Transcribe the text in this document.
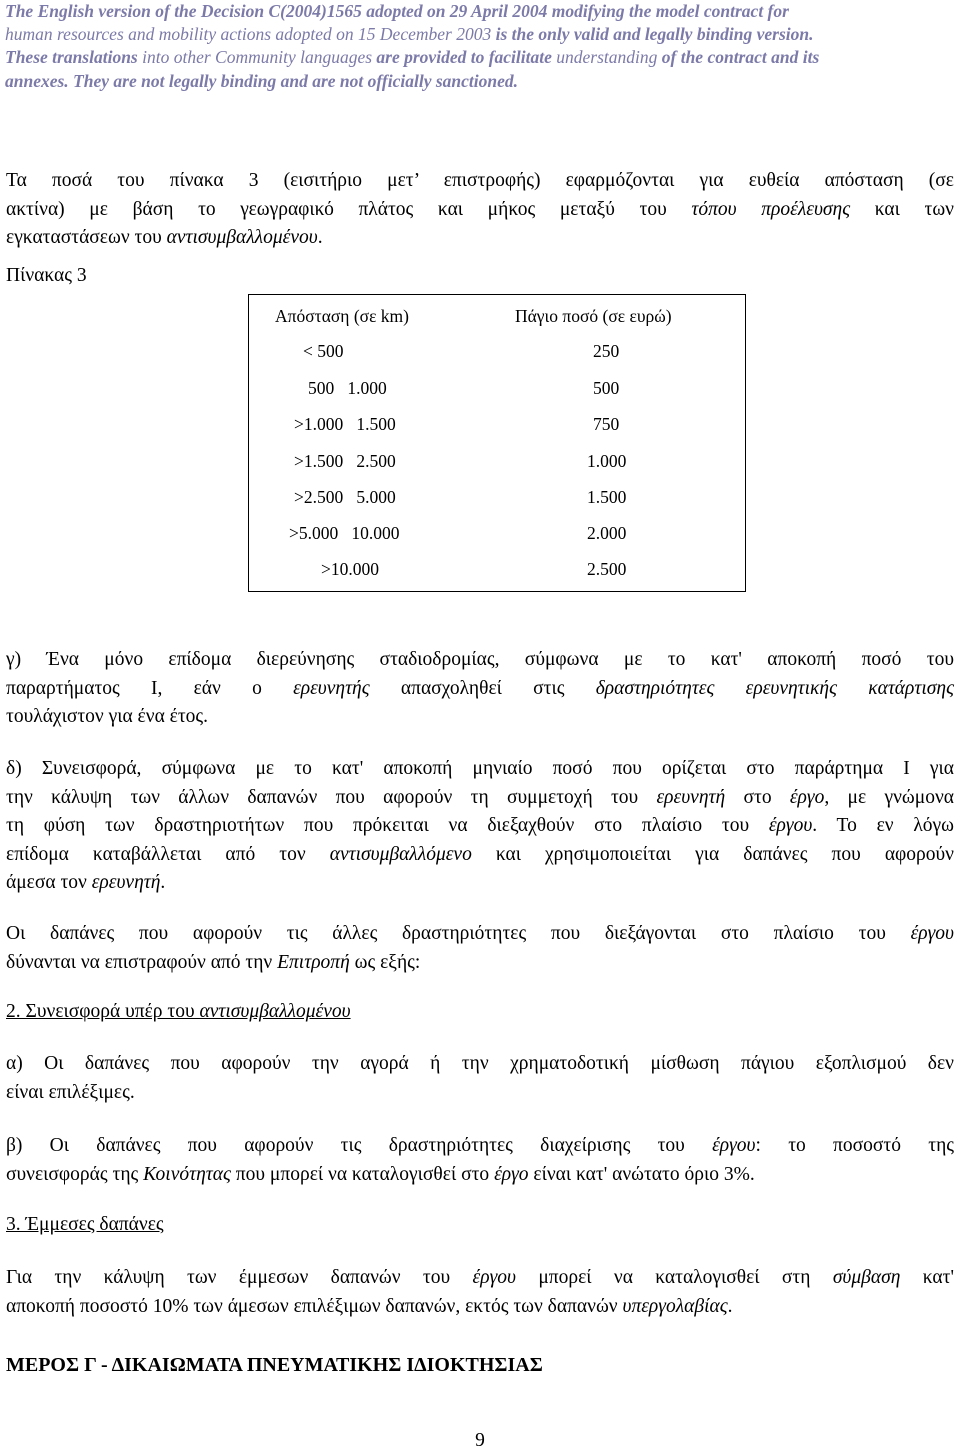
The English version of the Decision C(2004)1565 adopted on 29 April 2004 modifying the model contract for
human resources and mobility actions adopted on 15 December 2003 is the only valid and legally binding version.
These translations into other Community languages are provided to facilitate understanding of the contract and its
annexes. They are not legally binding and are not officially sanctioned.
Τα ποσά του πίνακα 3 (εισιτήριο μετ’ επιστροφής) εφαρμόζονται για ευθεία απόσταση (σε
ακτίνα) με βάση το γεωγραφικό πλάτος και μήκος μεταξύ του τόπου προέλευσης και των
εγκαταστάσεων του αντισυμβαλλομένου.
Πίνακας 3
Απόσταση (σε km)	Πάγιο ποσό (σε ευρώ)
< 500	250
500   1.000	500
>1.000   1.500	750
>1.500   2.500	1.000
>2.500   5.000	1.500
>5.000   10.000	2.000
>10.000	2.500
γ) Ένα μόνο επίδομα διερεύνησης σταδιοδρομίας, σύμφωνα με το κατ' αποκοπή ποσό του
παραρτήματος Ι, εάν ο ερευνητής απασχοληθεί στις δραστηριότητες ερευνητικής κατάρτισης
τουλάχιστον για ένα έτος.
δ) Συνεισφορά, σύμφωνα με το κατ' αποκοπή μηνιαίο ποσό που ορίζεται στο παράρτημα Ι για
την κάλυψη των άλλων δαπανών που αφορούν τη συμμετοχή του ερευνητή στο έργο, με γνώμονα
τη φύση των δραστηριοτήτων που πρόκειται να διεξαχθούν στο πλαίσιο του έργου. Το εν λόγω
επίδομα καταβάλλεται από τον αντισυμβαλλόμενο και χρησιμοποιείται για δαπάνες που αφορούν
άμεσα τον ερευνητή.
Οι δαπάνες που αφορούν τις άλλες δραστηριότητες που διεξάγονται στο πλαίσιο του έργου
δύνανται να επιστραφούν από την Επιτροπή ως εξής:
2. Συνεισφορά υπέρ του αντισυμβαλλομένου
α) Οι δαπάνες που αφορούν την αγορά ή την χρηματοδοτική μίσθωση πάγιου εξοπλισμού δεν
είναι επιλέξιμες.
β) Οι δαπάνες που αφορούν τις δραστηριότητες διαχείρισης του έργου: το ποσοστό της
συνεισφοράς της Κοινότητας που μπορεί να καταλογισθεί στο έργο είναι κατ' ανώτατο όριο 3%.
3. Έμμεσες δαπάνες
Για την κάλυψη των έμμεσων δαπανών του έργου μπορεί να καταλογισθεί στη σύμβαση κατ'
αποκοπή ποσοστό 10% των άμεσων επιλέξιμων δαπανών, εκτός των δαπανών υπεργολαβίας.
ΜΕΡΟΣ Γ - ΔΙΚΑΙΩΜΑΤΑ ΠΝΕΥΜΑΤΙΚΗΣ ΙΔΙΟΚΤΗΣΙΑΣ
9
